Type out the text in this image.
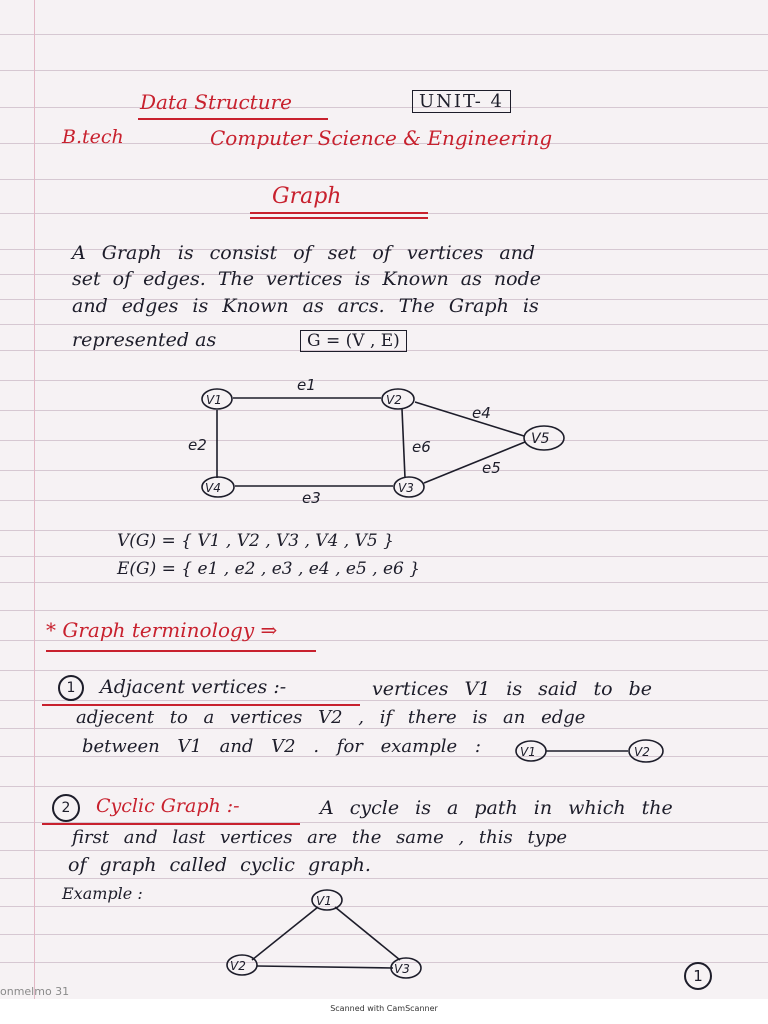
Data Structure	UNIT- 4
B.tech	Computer Science & Engineering
Graph
A Graph is consist of set of vertices and
set of edges. The vertices is Known as node
and edges is Known as arcs. The Graph is
represented as	G = (V , E)
V1	V2
V3
V4
V5
e1
e2
e3
e4
e5
e6
V1	V2
V1
V2	V3
V(G) = { V1 , V2 , V3 , V4 , V5 }
E(G) = { e1 , e2 , e3 , e4 , e5 , e6 }
* Graph terminology ⇒
1	Adjacent vertices :-	vertices V1 is said to be
adjecent to a vertices V2 , if there is an edge
between V1 and V2 . for example :
2	Cyclic Graph :-	A cycle is a path in which the
first and last vertices are the same , this type
of graph called cyclic graph.
Example :
1
onmelmo 31
Scanned with CamScanner
